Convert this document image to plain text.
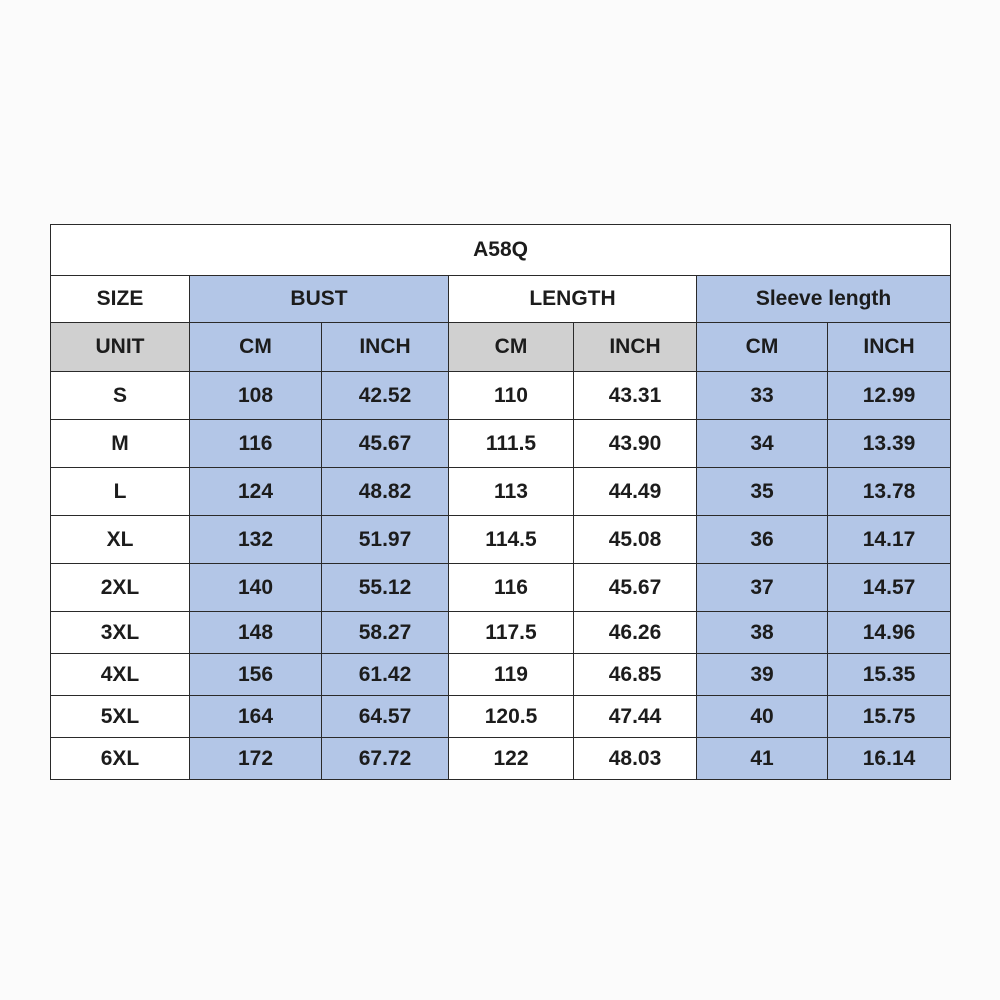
A58Q						
SIZE	BUST		LENGTH		Sleeve length	
UNIT	CM	INCH	CM	INCH	CM	INCH
S	108	42.52	110	43.31	33	12.99
M	116	45.67	111.5	43.90	34	13.39
L	124	48.82	113	44.49	35	13.78
XL	132	51.97	114.5	45.08	36	14.17
2XL	140	55.12	116	45.67	37	14.57
3XL	148	58.27	117.5	46.26	38	14.96
4XL	156	61.42	119	46.85	39	15.35
5XL	164	64.57	120.5	47.44	40	15.75
6XL	172	67.72	122	48.03	41	16.14
